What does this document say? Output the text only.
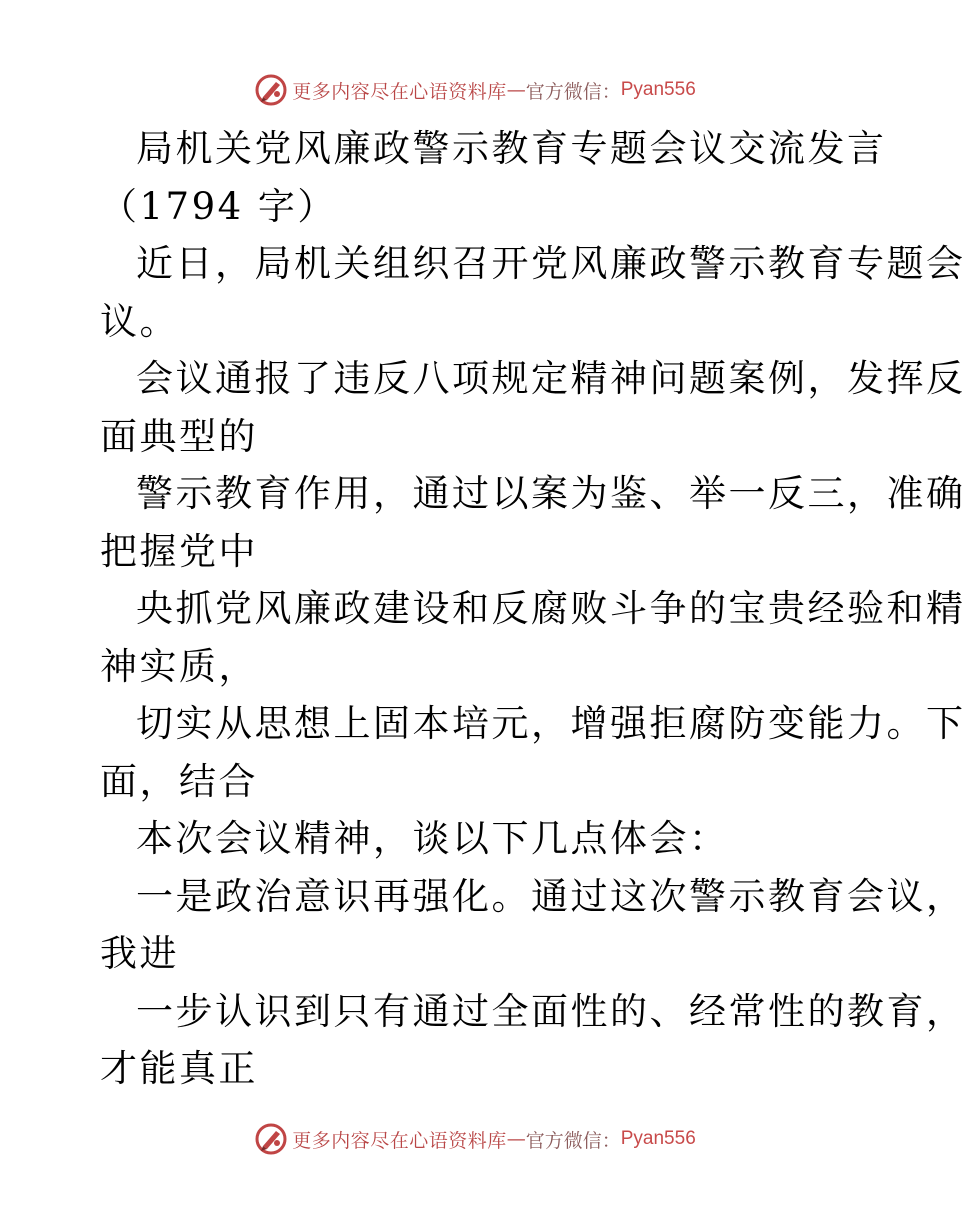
更多内容尽在心语资料库 — 官方微信： Pyan556
局机关党风廉政警示教育专题会议交流发言
（1794 字）
近日，局机关组织召开党风廉政警示教育专题会
议。
会议通报了违反八项规定精神问题案例，发挥反
面典型的
警示教育作用，通过以案为鉴、举一反三，准确
把握党中
央抓党风廉政建设和反腐败斗争的宝贵经验和精
神实质，
切实从思想上固本培元，增强拒腐防变能力。下
面，结合
本次会议精神，谈以下几点体会：
一是政治意识再强化。通过这次警示教育会议，
我进
一步认识到只有通过全面性的、经常性的教育，
才能真正
更多内容尽在心语资料库 — 官方微信： Pyan556
